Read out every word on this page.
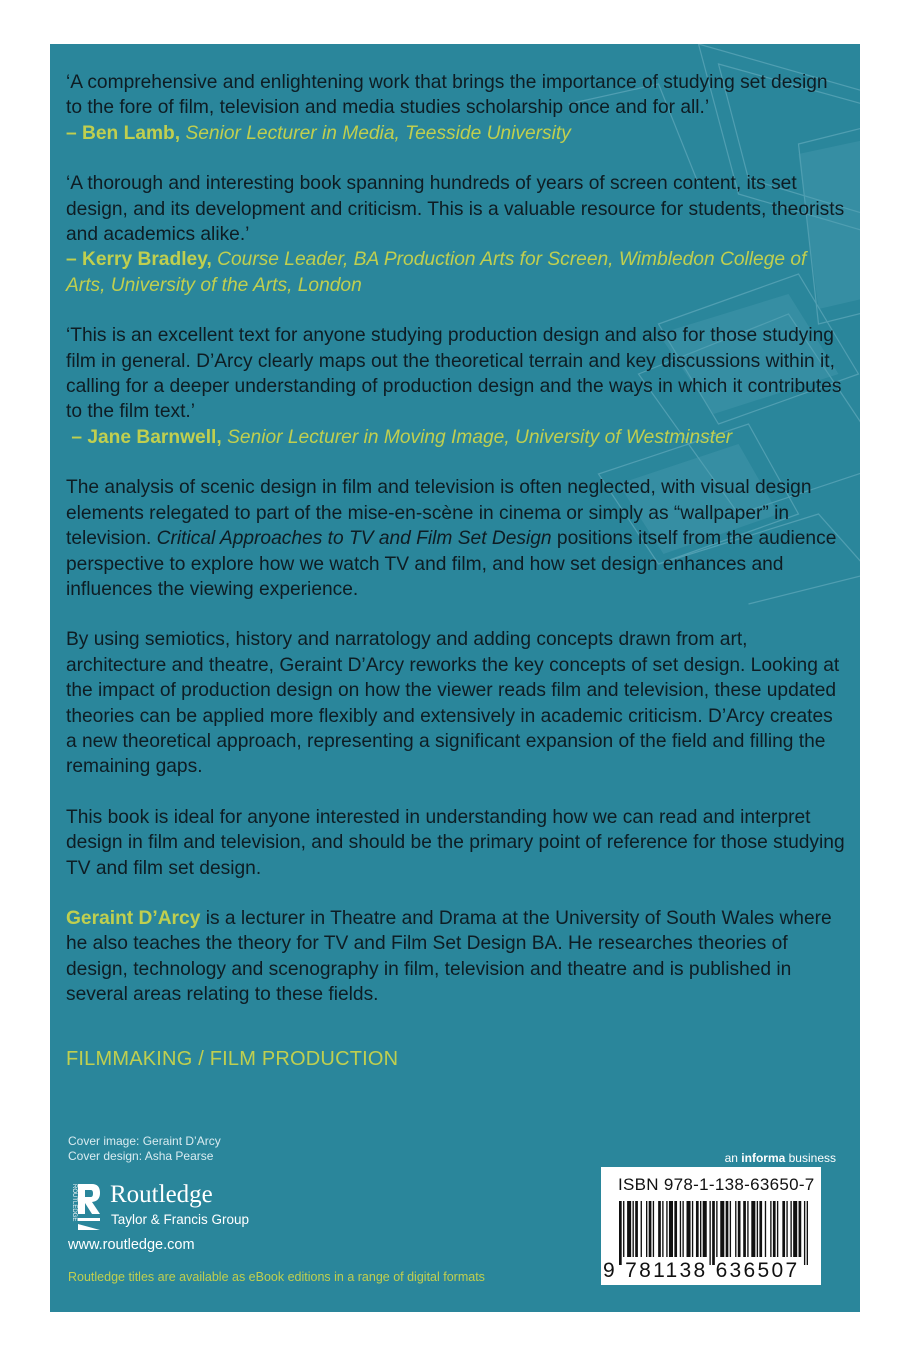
‘A comprehensive and enlightening work that brings the importance of studying set design to the fore of film, television and media studies scholarship once and for all.’
– Ben Lamb, Senior Lecturer in Media, Teesside University

‘A thorough and interesting book spanning hundreds of years of screen content, its set design, and its development and criticism. This is a valuable resource for students, theorists and academics alike.’
– Kerry Bradley, Course Leader, BA Production Arts for Screen, Wimbledon College of Arts, University of the Arts, London

‘This is an excellent text for anyone studying production design and also for those studying film in general. D’Arcy clearly maps out the theoretical terrain and key discussions within it, calling for a deeper understanding of production design and the ways in which it contributes to the film text.’
– Jane Barnwell, Senior Lecturer in Moving Image, University of Westminster

The analysis of scenic design in film and television is often neglected, with visual design elements relegated to part of the mise-en-scène in cinema or simply as “wallpaper” in television. Critical Approaches to TV and Film Set Design positions itself from the audience perspective to explore how we watch TV and film, and how set design enhances and influences the viewing experience.

By using semiotics, history and narratology and adding concepts drawn from art, architecture and theatre, Geraint D’Arcy reworks the key concepts of set design. Looking at the impact of production design on how the viewer reads film and television, these updated theories can be applied more flexibly and extensively in academic criticism. D’Arcy creates a new theoretical approach, representing a significant expansion of the field and filling the remaining gaps.

This book is ideal for anyone interested in understanding how we can read and interpret design in film and television, and should be the primary point of reference for those studying TV and film set design.

Geraint D’Arcy is a lecturer in Theatre and Drama at the University of South Wales where he also teaches the theory for TV and Film Set Design BA. He researches theories of design, technology and scenography in film, television and theatre and is published in several areas relating to these fields.

FILMMAKING / FILM PRODUCTION
Cover image: Geraint D’Arcy
Cover design: Asha Pearse
ROUTLEDGE Routledge
Taylor & Francis Group
www.routledge.com
Routledge titles are available as eBook editions in a range of digital formats
an informa business
ISBN 978-1-138-63650-7
9 781138 636507
